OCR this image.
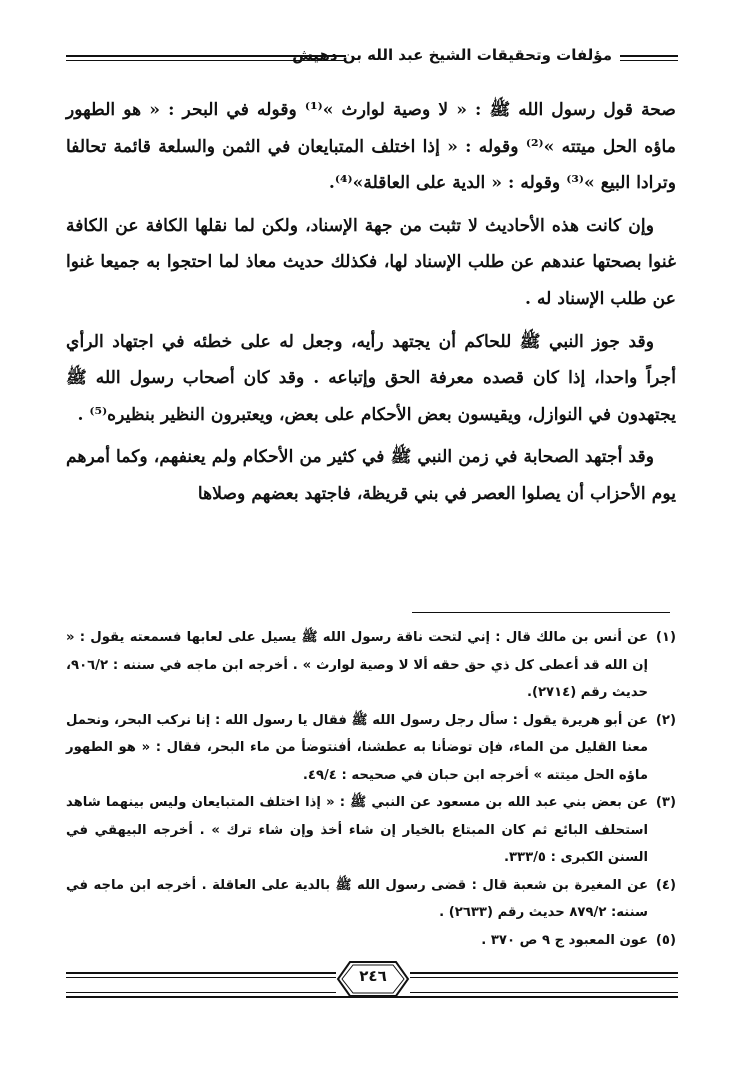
مؤلفات وتحقيقات الشيخ عبد الله بن دهيش

صحة قول رسول الله ﷺ : « لا وصية لوارث »⁽¹⁾ وقوله في البحر : « هو الطهور ماؤه الحل ميتته »⁽²⁾ وقوله : « إذا اختلف المتبايعان في الثمن والسلعة قائمة تحالفا وترادا البيع »⁽³⁾ وقوله : « الدية على العاقلة»⁽⁴⁾.

وإن كانت هذه الأحاديث لا تثبت من جهة الإسناد، ولكن لما نقلها الكافة عن الكافة غنوا بصحتها عندهم عن طلب الإسناد لها، فكذلك حديث معاذ لما احتجوا به جميعا غنوا عن طلب الإسناد له .

وقد جوز النبي ﷺ للحاكم أن يجتهد رأيه، وجعل له على خطئه في اجتهاد الرأي أجراً واحدا، إذا كان قصده معرفة الحق وإتباعه . وقد كان أصحاب رسول الله ﷺ يجتهدون في النوازل، ويقيسون بعض الأحكام على بعض، ويعتبرون النظير بنظيره⁽⁵⁾ .

وقد أجتهد الصحابة في زمن النبي ﷺ في كثير من الأحكام ولم يعنفهم، وكما أمرهم يوم الأحزاب أن يصلوا العصر في بني قريظة، فاجتهد بعضهم وصلاها

(١)
عن أنس بن مالك قال : إني لتحت ناقة رسول الله ﷺ يسيل على لعابها فسمعته يقول : « إن الله قد أعطى كل ذي حق حقه ألا لا وصية لوارث » . أخرجه ابن ماجه في سننه : ٩٠٦/٢، حديث رقم (٢٧١٤).
(٢)
عن أبو هريرة يقول : سأل رجل رسول الله ﷺ فقال يا رسول الله : إنا نركب البحر، ونحمل معنا القليل من الماء، فإن توضأنا به عطشنا، أفنتوضأ من ماء البحر، فقال : « هو الطهور ماؤه الحل ميتته » أخرجه ابن حبان في صحيحه : ٤٩/٤.
(٣)
عن بعض بني عبد الله بن مسعود عن النبي ﷺ : « إذا اختلف المتبايعان وليس بينهما شاهد استحلف البائع ثم كان المبتاع بالخيار إن شاء أخذ وإن شاء ترك » . أخرجه البيهقي في السنن الكبرى : ٣٣٣/٥.
(٤)
عن المغيرة بن شعبة قال : قضى رسول الله ﷺ بالدية على العاقلة . أخرجه ابن ماجه في سننه: ٨٧٩/٢ حديث رقم (٢٦٣٣) .
(٥)
عون المعبود ج ٩ ص ٣٧٠ .
٢٤٦
